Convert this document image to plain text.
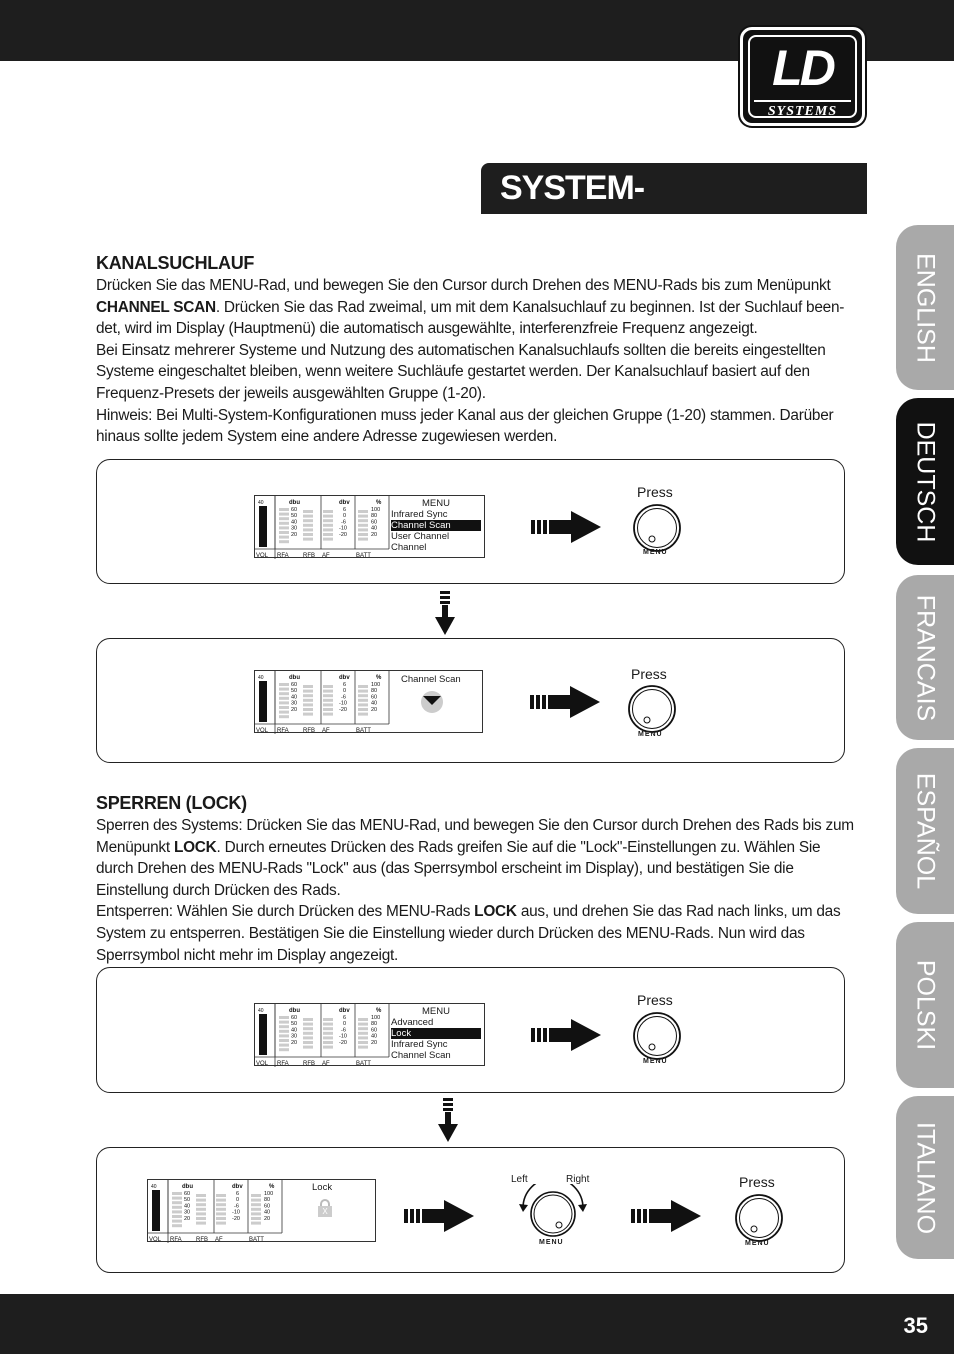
LD
SYSTEMS
SYSTEM-EINSTELLUNGEN:
ENGLISH
DEUTSCH
FRANCAIS
ESPAÑOL
POLSKI
ITALIANO
KANALSUCHLAUF

Drücken Sie das MENU-Rad, und bewegen Sie den Cursor durch Drehen des MENU-Rads bis zum Menüpunkt CHANNEL SCAN. Drücken Sie das Rad zweimal, um mit dem Kanalsuchlauf zu beginnen. Ist der Suchlauf been-det, wird im Display (Hauptmenü) die automatisch ausgewählte, interferenzfreie Frequenz angezeigt.

Bei Einsatz mehrerer Systeme und Nutzung des automatischen Kanalsuchlaufs sollten die bereits eingestellten Systeme eingeschaltet bleiben, wenn weitere Suchläufe gestartet werden. Der Kanalsuchlauf basiert auf den Frequenz-Presets der jeweils ausgewählten Gruppe (1-20).

Hinweis: Bei Multi-System-Konfigurationen muss jeder Kanal aus der gleichen Gruppe (1-20) stammen. Darüber hinaus sollte jedem System eine andere Adresse zugewiesen werden.

40
VOL
dbu
60
50
40
30
20
RFA RFB
dbv
6
0
-6
-10
-20
AF
%
100
80
60
40
20
BATT
MENU
Infrared Sync
Channel Scan
User Channel
Channel
Press
MENU
40
VOL
dbu
60
50
40
30
20
RFA RFB
dbv
6
0
-6
-10
-20
AF
%
100
80
60
40
20
BATT
Channel Scan	Press
MENU
SPERREN (LOCK)

Sperren des Systems: Drücken Sie das MENU-Rad, und bewegen Sie den Cursor durch Drehen des Rads bis zum Menüpunkt LOCK. Durch erneutes Drücken des Rads greifen Sie auf die "Lock"-Einstellungen zu. Wählen Sie durch Drehen des MENU-Rads "Lock" aus (das Sperrsymbol erscheint im Display), und bestätigen Sie die Einstellung durch Drücken des Rads.

Entsperren: Wählen Sie durch Drücken des MENU-Rads LOCK aus, und drehen Sie das Rad nach links, um das System zu entsperren. Bestätigen Sie die Einstellung wieder durch Drücken des MENU-Rads. Nun wird das Sperrsymbol nicht mehr im Display angezeigt.

40
VOL
dbu
60
50
40
30
20
RFA RFB
dbv
6
0
-6
-10
-20
AF
%
100
80
60
40
20
BATT
MENU
Advanced
Lock
Infrared Sync
Channel Scan
Press
MENU
40
VOL
dbu
60
50
40
30
20
RFA RFB
dbv
6
0
-6
-10
-20
AF
%
100
80
60
40
20
BATT
Lock
X
Left	Right
MENU
Press
MENU
35
